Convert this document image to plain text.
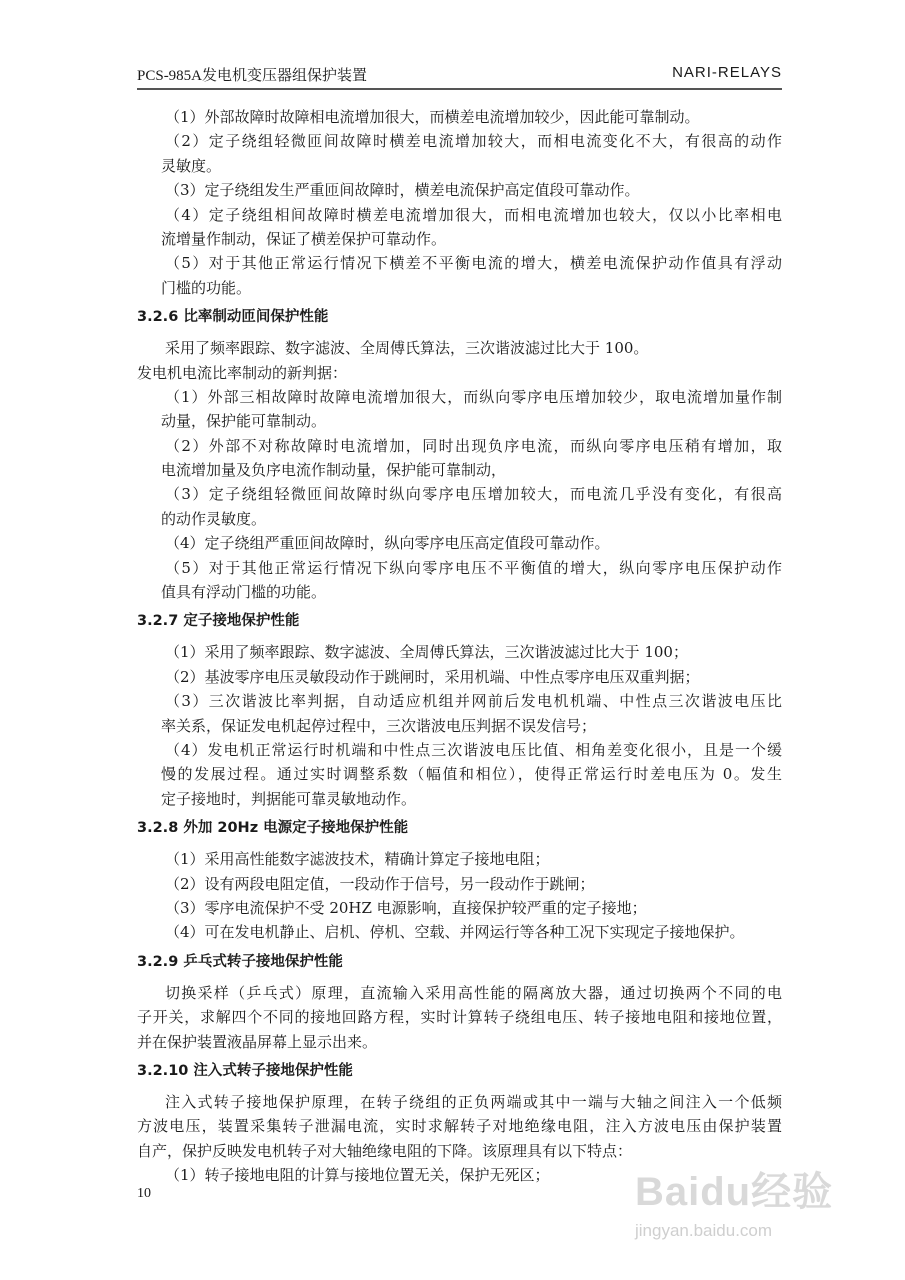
PCS-985A发电机变压器组保护装置	NARI-RELAYS
（1）外部故障时故障相电流增加很大，而横差电流增加较少，因此能可靠制动。
（2）定子绕组轻微匝间故障时横差电流增加较大，而相电流变化不大，有很高的动作
灵敏度。
（3）定子绕组发生严重匝间故障时，横差电流保护高定值段可靠动作。
（4）定子绕组相间故障时横差电流增加很大，而相电流增加也较大，仅以小比率相电
流增量作制动，保证了横差保护可靠动作。
（5）对于其他正常运行情况下横差不平衡电流的增大，横差电流保护动作值具有浮动
门槛的功能。
3.2.6 比率制动匝间保护性能
采用了频率跟踪、数字滤波、全周傅氏算法，三次谐波滤过比大于 100。
发电机电流比率制动的新判据：
（1）外部三相故障时故障电流增加很大，而纵向零序电压增加较少，取电流增加量作制
动量，保护能可靠制动。
（2）外部不对称故障时电流增加，同时出现负序电流，而纵向零序电压稍有增加，取
电流增加量及负序电流作制动量，保护能可靠制动，
（3）定子绕组轻微匝间故障时纵向零序电压增加较大，而电流几乎没有变化，有很高
的动作灵敏度。
（4）定子绕组严重匝间故障时，纵向零序电压高定值段可靠动作。
（5）对于其他正常运行情况下纵向零序电压不平衡值的增大，纵向零序电压保护动作
值具有浮动门槛的功能。
3.2.7 定子接地保护性能
（1）采用了频率跟踪、数字滤波、全周傅氏算法，三次谐波滤过比大于 100；
（2）基波零序电压灵敏段动作于跳闸时，采用机端、中性点零序电压双重判据；
（3）三次谐波比率判据，自动适应机组并网前后发电机机端、中性点三次谐波电压比
率关系，保证发电机起停过程中，三次谐波电压判据不误发信号；
（4）发电机正常运行时机端和中性点三次谐波电压比值、相角差变化很小，且是一个缓
慢的发展过程。通过实时调整系数（幅值和相位），使得正常运行时差电压为 0。发生
定子接地时，判据能可靠灵敏地动作。
3.2.8 外加 20Hz 电源定子接地保护性能
（1）采用高性能数字滤波技术，精确计算定子接地电阻；
（2）设有两段电阻定值，一段动作于信号，另一段动作于跳闸；
（3）零序电流保护不受 20HZ 电源影响，直接保护较严重的定子接地；
（4）可在发电机静止、启机、停机、空载、并网运行等各种工况下实现定子接地保护。
3.2.9 乒乓式转子接地保护性能
切换采样（乒乓式）原理，直流输入采用高性能的隔离放大器，通过切换两个不同的电
子开关，求解四个不同的接地回路方程，实时计算转子绕组电压、转子接地电阻和接地位置，
并在保护装置液晶屏幕上显示出来。
3.2.10 注入式转子接地保护性能
注入式转子接地保护原理，在转子绕组的正负两端或其中一端与大轴之间注入一个低频
方波电压，装置采集转子泄漏电流，实时求解转子对地绝缘电阻，注入方波电压由保护装置
自产，保护反映发电机转子对大轴绝缘电阻的下降。该原理具有以下特点：
（1）转子接地电阻的计算与接地位置无关，保护无死区；
10	Baidu经验
jingyan.baidu.com
